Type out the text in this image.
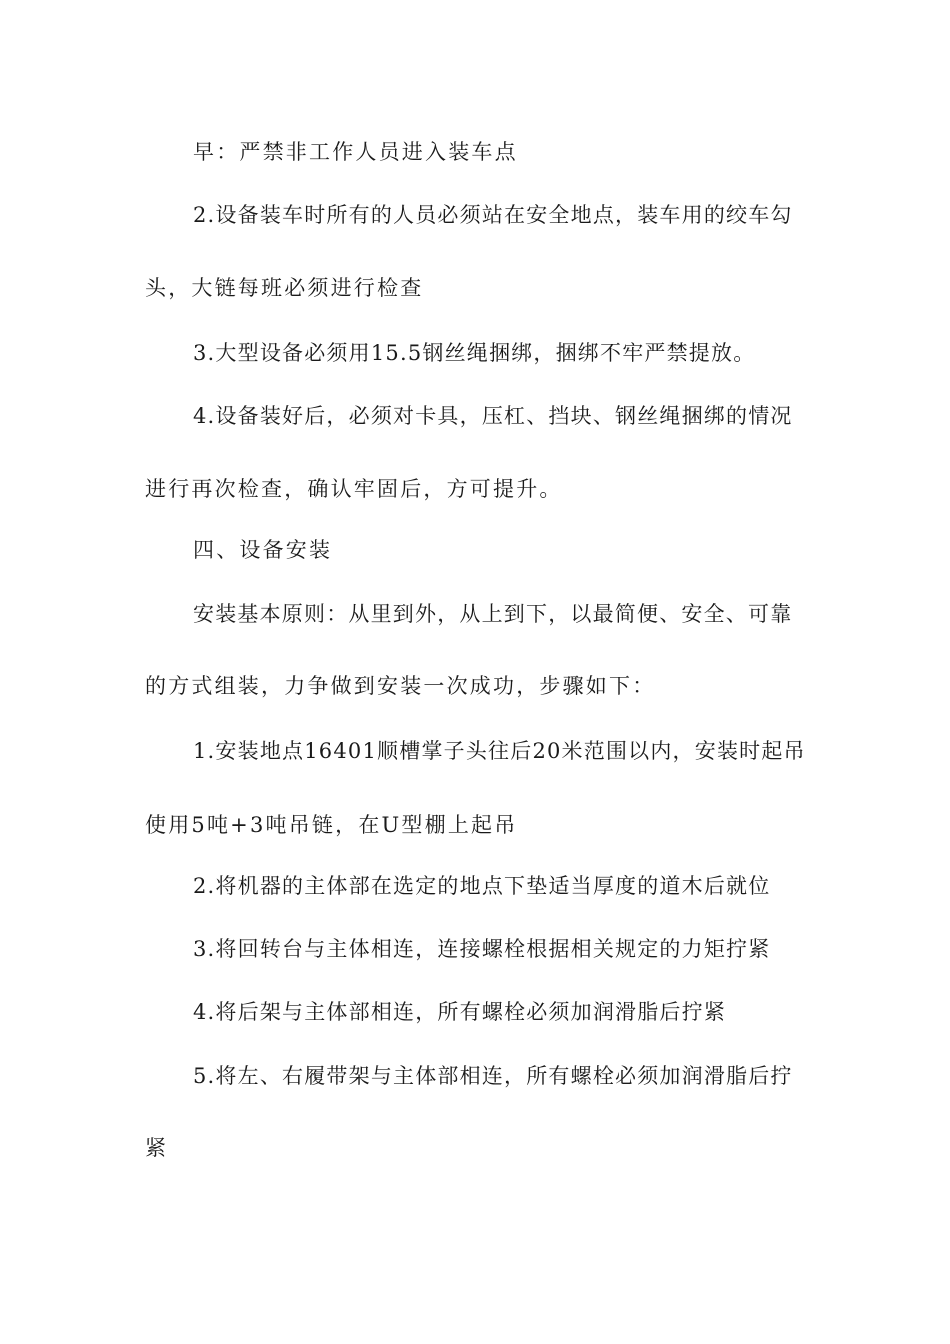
早：严禁非工作人员进入装车点
2.设备装车时所有的人员必须站在安全地点，装车用的绞车勾
头，大链每班必须进行检查
3.大型设备必须用15.5钢丝绳捆绑，捆绑不牢严禁提放。
4.设备装好后，必须对卡具，压杠、挡块、钢丝绳捆绑的情况
进行再次检查，确认牢固后，方可提升。
四、设备安装
安装基本原则：从里到外，从上到下，以最简便、安全、可靠
的方式组装，力争做到安装一次成功，步骤如下：
1.安装地点16401顺槽掌子头往后20米范围以内，安装时起吊
使用5吨+3吨吊链，在U型棚上起吊
2.将机器的主体部在选定的地点下垫适当厚度的道木后就位
3.将回转台与主体相连，连接螺栓根据相关规定的力矩拧紧
4.将后架与主体部相连，所有螺栓必须加润滑脂后拧紧
5.将左、右履带架与主体部相连，所有螺栓必须加润滑脂后拧
紧
